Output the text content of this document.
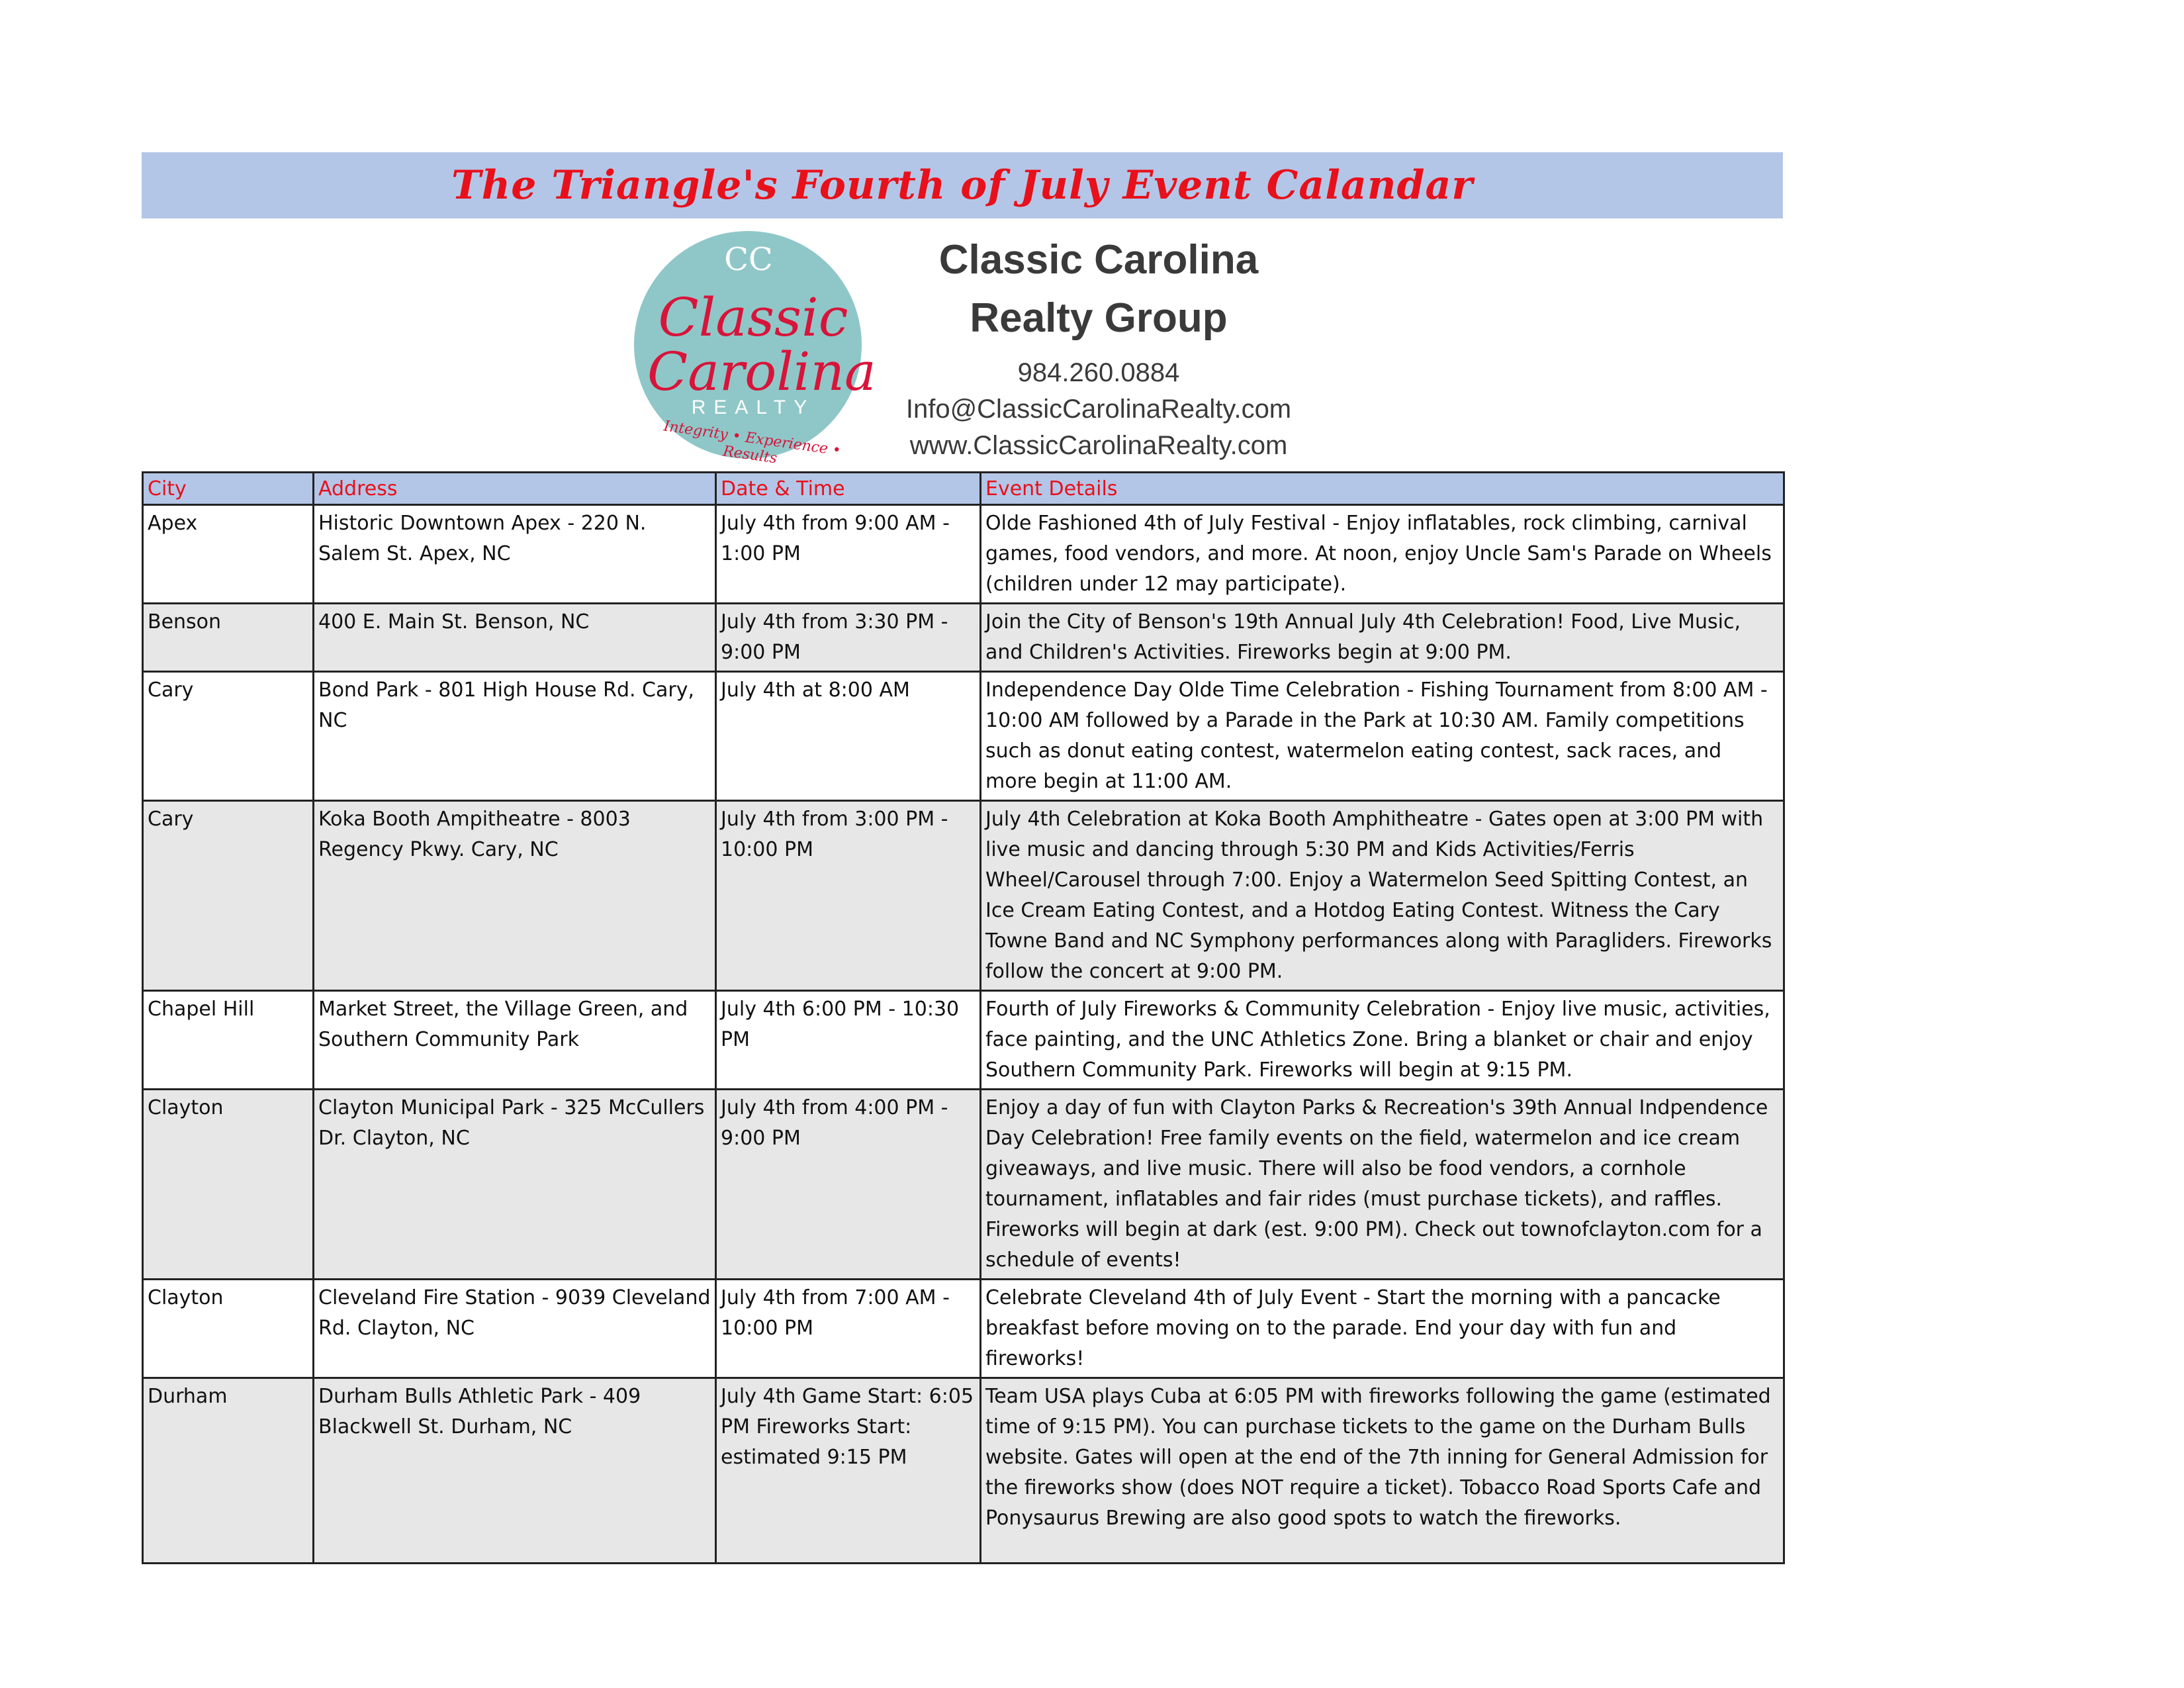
The Triangle's Fourth of July Event Calandar
CC
Classic Carolina
REALTY
Integrity • Experience • Results
Classic Carolina
Realty Group
984.260.0884
Info@ClassicCarolinaRealty.com
www.ClassicCarolinaRealty.com
City	Address	Date & Time	Event Details
Apex	Historic Downtown Apex - 220 N. Salem St. Apex, NC	July 4th from 9:00 AM - 1:00 PM	Olde Fashioned 4th of July Festival - Enjoy inflatables, rock climbing, carnival games, food vendors, and more. At noon, enjoy Uncle Sam's Parade on Wheels (children under 12 may participate).
Benson	400 E. Main St. Benson, NC	July 4th from 3:30 PM - 9:00 PM	Join the City of Benson's 19th Annual July 4th Celebration! Food, Live Music, and Children's Activities. Fireworks begin at 9:00 PM.
Cary	Bond Park - 801 High House Rd. Cary, NC	July 4th at 8:00 AM	Independence Day Olde Time Celebration - Fishing Tournament from 8:00 AM - 10:00 AM followed by a Parade in the Park at 10:30 AM. Family competitions such as donut eating contest, watermelon eating contest, sack races, and more begin at 11:00 AM.
Cary	Koka Booth Ampitheatre - 8003 Regency Pkwy. Cary, NC	July 4th from 3:00 PM - 10:00 PM	July 4th Celebration at Koka Booth Amphitheatre - Gates open at 3:00 PM with live music and dancing through 5:30 PM and Kids Activities/Ferris Wheel/Carousel through 7:00. Enjoy a Watermelon Seed Spitting Contest, an Ice Cream Eating Contest, and a Hotdog Eating Contest. Witness the Cary Towne Band and NC Symphony performances along with Paragliders. Fireworks follow the concert at 9:00 PM.
Chapel Hill	Market Street, the Village Green, and Southern Community Park	July 4th 6:00 PM - 10:30 PM	Fourth of July Fireworks & Community Celebration - Enjoy live music, activities, face painting, and the UNC Athletics Zone. Bring a blanket or chair and enjoy Southern Community Park. Fireworks will begin at 9:15 PM.
Clayton	Clayton Municipal Park - 325 McCullers Dr. Clayton, NC	July 4th from 4:00 PM - 9:00 PM	Enjoy a day of fun with Clayton Parks & Recreation's 39th Annual Indpendence Day Celebration! Free family events on the field, watermelon and ice cream giveaways, and live music. There will also be food vendors, a cornhole tournament, inflatables and fair rides (must purchase tickets), and raffles. Fireworks will begin at dark (est. 9:00 PM). Check out townofclayton.com for a schedule of events!
Clayton	Cleveland Fire Station - 9039 Cleveland Rd. Clayton, NC	July 4th from 7:00 AM - 10:00 PM	Celebrate Cleveland 4th of July Event - Start the morning with a pancacke breakfast before moving on to the parade. End your day with fun and fireworks!
Durham	Durham Bulls Athletic Park - 409 Blackwell St. Durham, NC	July 4th Game Start: 6:05 PM Fireworks Start: estimated 9:15 PM	Team USA plays Cuba at 6:05 PM with fireworks following the game (estimated time of 9:15 PM). You can purchase tickets to the game on the Durham Bulls website. Gates will open at the end of the 7th inning for General Admission for the fireworks show (does NOT require a ticket). Tobacco Road Sports Cafe and Ponysaurus Brewing are also good spots to watch the fireworks.
